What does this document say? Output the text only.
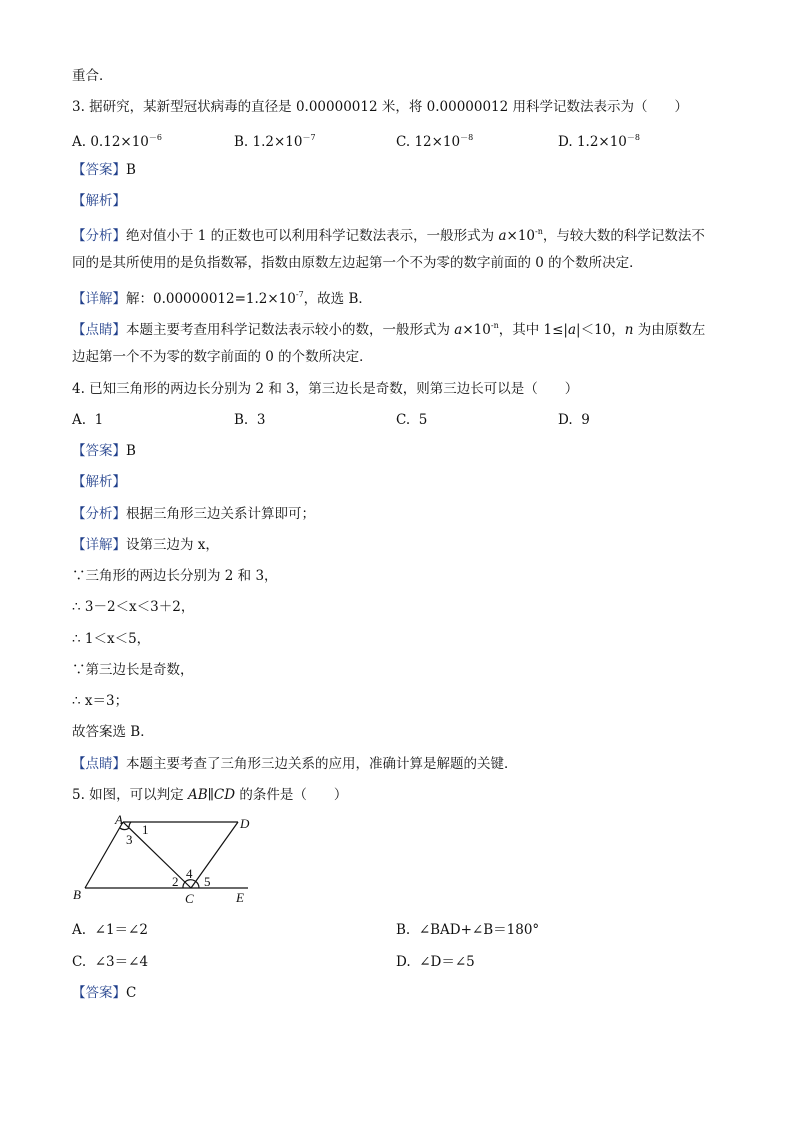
重合．
3. 据研究，某新型冠状病毒的直径是 0.00000012 米，将 0.00000012 用科学记数法表示为（　　）
A. $0.12\times 10^{-6}$	B. $1.2\times 10^{-7}$	C. $12\times 10^{-8}$	D. $1.2\times 10^{-8}$
【答案】B
【解析】
【分析】绝对值小于 1 的正数也可以利用科学记数法表示，一般形式为 $a\times 10^{-n}$，与较大数的科学记数法不
同的是其所使用的是负指数幂，指数由原数左边起第一个不为零的数字前面的 0 的个数所决定．
【详解】解：$0.00000012=1.2\times 10^{-7}$，故选 B．
【点睛】本题主要考查用科学记数法表示较小的数，一般形式为 $a\times 10^{-n}$，其中 1≤|a|＜10，n 为由原数左
边起第一个不为零的数字前面的 0 的个数所决定．
4. 已知三角形的两边长分别为 2 和 3，第三边长是奇数，则第三边长可以是（　　）
A. 1	B. 3	C. 5	D. 9
【答案】B
【解析】
【分析】根据三角形三边关系计算即可；
【详解】设第三边为 x，
∵三角形的两边长分别为 2 和 3，
∴ 3－2＜x＜3＋2，
∴ 1＜x＜5，
∵第三边长是奇数，
∴ x＝3；
故答案选 B．
【点睛】本题主要考查了三角形三边关系的应用，准确计算是解题的关键．
5. 如图，可以判定 AB∥CD 的条件是（　　）
A
B	C
D
E
1
3
2
4
5
A. ∠1＝∠2	B. ∠BAD+∠B＝180°
C. ∠3＝∠4	D. ∠D＝∠5
【答案】C
